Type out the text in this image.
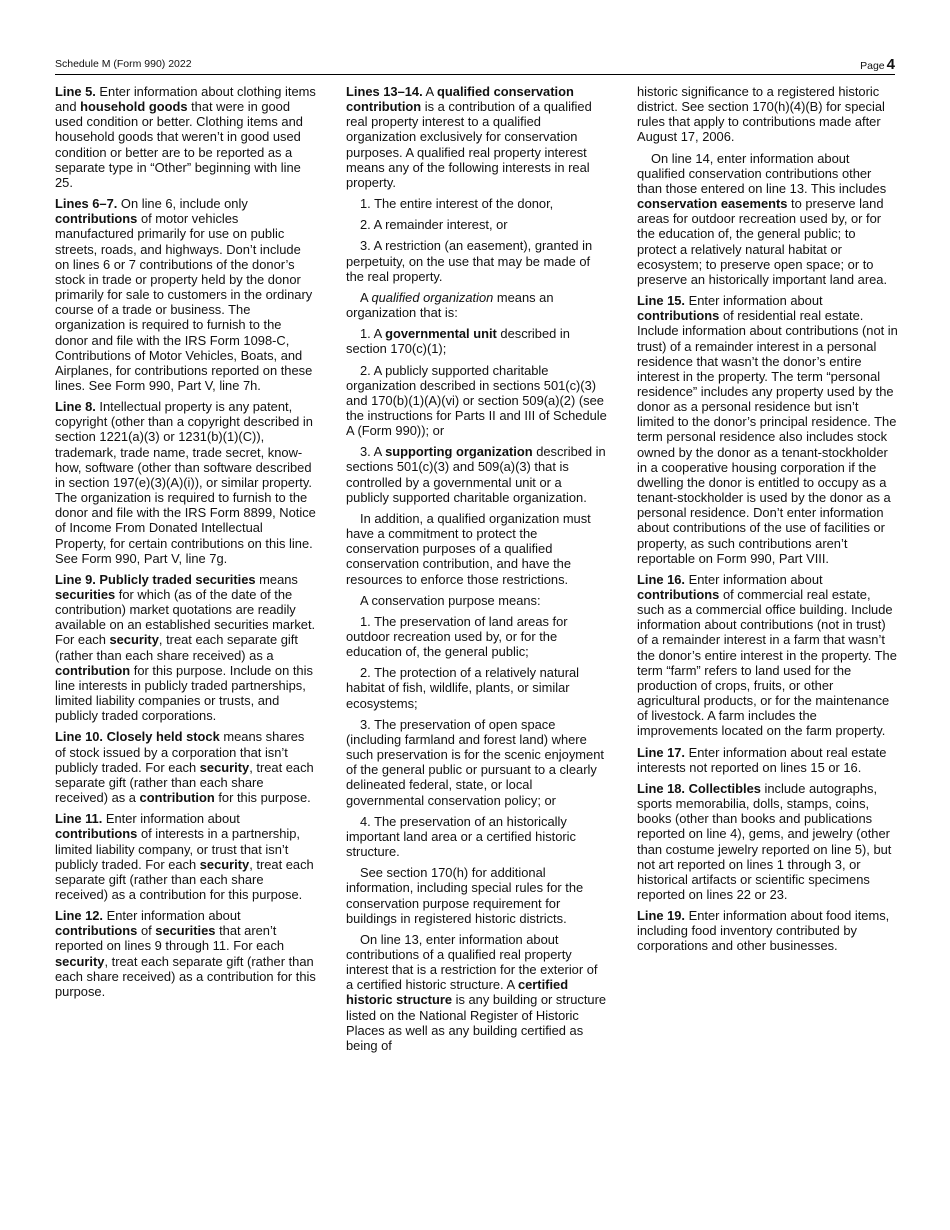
Schedule M (Form 990) 2022	Page 4

Line 5. Enter information about clothing items and household goods that were in good used condition or better. Clothing items and household goods that weren’t in good used condition or better are to be reported as a separate type in “Other” beginning with line 25.

Lines 6–7. On line 6, include only contributions of motor vehicles manufactured primarily for use on public streets, roads, and highways. Don’t include on lines 6 or 7 contributions of the donor’s stock in trade or property held by the donor primarily for sale to customers in the ordinary course of a trade or business. The organization is required to furnish to the donor and file with the IRS Form 1098-C, Contributions of Motor Vehicles, Boats, and Airplanes, for contributions reported on these lines. See Form 990, Part V, line 7h.

Line 8. Intellectual property is any patent, copyright (other than a copyright described in section 1221(a)(3) or 1231(b)(1)(C)), trademark, trade name, trade secret, know-how, software (other than software described in section 197(e)(3)(A)(i)), or similar property. The organization is required to furnish to the donor and file with the IRS Form 8899, Notice of Income From Donated Intellectual Property, for certain contributions on this line. See Form 990, Part V, line 7g.

Line 9. Publicly traded securities means securities for which (as of the date of the contribution) market quotations are readily available on an established securities market. For each security, treat each separate gift (rather than each share received) as a contribution for this purpose. Include on this line interests in publicly traded partnerships, limited liability companies or trusts, and publicly traded corporations.

Line 10. Closely held stock means shares of stock issued by a corporation that isn’t publicly traded. For each security, treat each separate gift (rather than each share received) as a contribution for this purpose.

Line 11. Enter information about contributions of interests in a partnership, limited liability company, or trust that isn’t publicly traded. For each security, treat each separate gift (rather than each share received) as a contribution for this purpose.

Line 12. Enter information about contributions of securities that aren’t reported on lines 9 through 11. For each security, treat each separate gift (rather than each share received) as a contribution for this purpose.

Lines 13–14. A qualified conservation contribution is a contribution of a qualified real property interest to a qualified organization exclusively for conservation purposes. A qualified real property interest means any of the following interests in real property.

1. The entire interest of the donor,

2. A remainder interest, or

3. A restriction (an easement), granted in perpetuity, on the use that may be made of the real property.

A qualified organization means an organization that is:

1. A governmental unit described in section 170(c)(1);

2. A publicly supported charitable organization described in sections 501(c)(3) and 170(b)(1)(A)(vi) or section 509(a)(2) (see the instructions for Parts II and III of Schedule A (Form 990)); or

3. A supporting organization described in sections 501(c)(3) and 509(a)(3) that is controlled by a governmental unit or a publicly supported charitable organization.

In addition, a qualified organization must have a commitment to protect the conservation purposes of a qualified conservation contribution, and have the resources to enforce those restrictions.

A conservation purpose means:

1. The preservation of land areas for outdoor recreation used by, or for the education of, the general public;

2. The protection of a relatively natural habitat of fish, wildlife, plants, or similar ecosystems;

3. The preservation of open space (including farmland and forest land) where such preservation is for the scenic enjoyment of the general public or pursuant to a clearly delineated federal, state, or local governmental conservation policy; or

4. The preservation of an historically important land area or a certified historic structure.

See section 170(h) for additional information, including special rules for the conservation purpose requirement for buildings in registered historic districts.

On line 13, enter information about contributions of a qualified real property interest that is a restriction for the exterior of a certified historic structure. A certified historic structure is any building or structure listed on the National Register of Historic Places as well as any building certified as being of

historic significance to a registered historic district. See section 170(h)(4)(B) for special rules that apply to contributions made after August 17, 2006.

On line 14, enter information about qualified conservation contributions other than those entered on line 13. This includes conservation easements to preserve land areas for outdoor recreation used by, or for the education of, the general public; to protect a relatively natural habitat or ecosystem; to preserve open space; or to preserve an historically important land area.

Line 15. Enter information about contributions of residential real estate. Include information about contributions (not in trust) of a remainder interest in a personal residence that wasn’t the donor’s entire interest in the property. The term “personal residence” includes any property used by the donor as a personal residence but isn’t limited to the donor’s principal residence. The term personal residence also includes stock owned by the donor as a tenant-stockholder in a cooperative housing corporation if the dwelling the donor is entitled to occupy as a tenant-stockholder is used by the donor as a personal residence. Don’t enter information about contributions of the use of facilities or property, as such contributions aren’t reportable on Form 990, Part VIII.

Line 16. Enter information about contributions of commercial real estate, such as a commercial office building. Include information about contributions (not in trust) of a remainder interest in a farm that wasn’t the donor’s entire interest in the property. The term “farm” refers to land used for the production of crops, fruits, or other agricultural products, or for the maintenance of livestock. A farm includes the improvements located on the farm property.

Line 17. Enter information about real estate interests not reported on lines 15 or 16.

Line 18. Collectibles include autographs, sports memorabilia, dolls, stamps, coins, books (other than books and publications reported on line 4), gems, and jewelry (other than costume jewelry reported on line 5), but not art reported on lines 1 through 3, or historical artifacts or scientific specimens reported on lines 22 or 23.

Line 19. Enter information about food items, including food inventory contributed by corporations and other businesses.
